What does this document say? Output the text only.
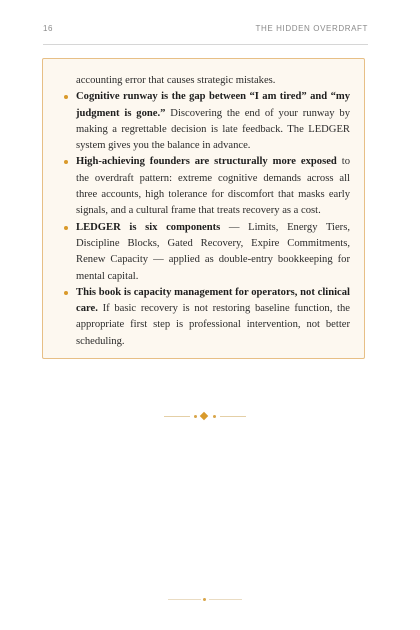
16	THE HIDDEN OVERDRAFT

accounting error that causes strategic mistakes.

Cognitive runway is the gap between “I am tired” and “my judgment is gone.” Discovering the end of your runway by making a regrettable decision is late feedback. The LEDGER system gives you the balance in advance.
High-achieving founders are structurally more exposed to the overdraft pattern: extreme cognitive demands across all three accounts, high tolerance for discomfort that masks early signals, and a cultural frame that treats recovery as a cost.
LEDGER is six components — Limits, Energy Tiers, Discipline Blocks, Gated Recovery, Expire Commitments, Renew Capacity — applied as double-entry bookkeeping for mental capital.
This book is capacity management for operators, not clinical care. If basic recovery is not restoring baseline function, the appropriate first step is professional intervention, not better scheduling.
